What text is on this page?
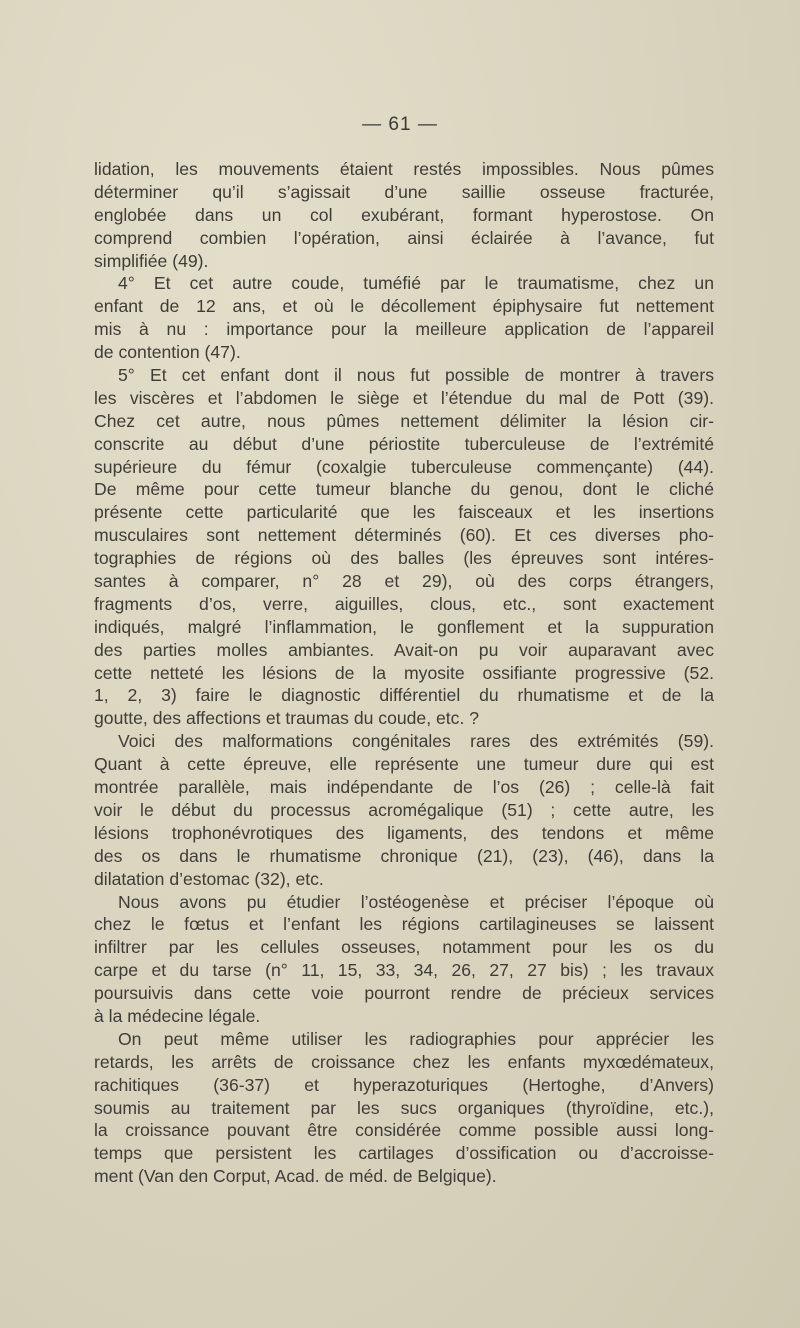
— 61 —
lidation, les mouvements étaient restés impossibles. Nous pûmes
déterminer qu’il s’agissait d’une saillie osseuse fracturée,
englobée dans un col exubérant, formant hyperostose. On
comprend combien l’opération, ainsi éclairée à l’avance, fut
simplifiée (49).
4° Et cet autre coude, tuméfié par le traumatisme, chez un
enfant de 12 ans, et où le décollement épiphysaire fut nettement
mis à nu : importance pour la meilleure application de l’appareil
de contention (47).
5° Et cet enfant dont il nous fut possible de montrer à travers
les viscères et l’abdomen le siège et l’étendue du mal de Pott (39).
Chez cet autre, nous pûmes nettement délimiter la lésion cir-
conscrite au début d’une périostite tuberculeuse de l’extrémité
supérieure du fémur (coxalgie tuberculeuse commençante) (44).
De même pour cette tumeur blanche du genou, dont le cliché
présente cette particularité que les faisceaux et les insertions
musculaires sont nettement déterminés (60). Et ces diverses pho-
tographies de régions où des balles (les épreuves sont intéres-
santes à comparer, n° 28 et 29), où des corps étrangers,
fragments d’os, verre, aiguilles, clous, etc., sont exactement
indiqués, malgré l’inflammation, le gonflement et la suppuration
des parties molles ambiantes. Avait-on pu voir auparavant avec
cette netteté les lésions de la myosite ossifiante progressive (52.
1, 2, 3) faire le diagnostic différentiel du rhumatisme et de la
goutte, des affections et traumas du coude, etc. ?
Voici des malformations congénitales rares des extrémités (59).
Quant à cette épreuve, elle représente une tumeur dure qui est
montrée parallèle, mais indépendante de l’os (26) ; celle-là fait
voir le début du processus acromégalique (51) ; cette autre, les
lésions trophonévrotiques des ligaments, des tendons et même
des os dans le rhumatisme chronique (21), (23), (46), dans la
dilatation d’estomac (32), etc.
Nous avons pu étudier l’ostéogenèse et préciser l’époque où
chez le fœtus et l’enfant les régions cartilagineuses se laissent
infiltrer par les cellules osseuses, notamment pour les os du
carpe et du tarse (n° 11, 15, 33, 34, 26, 27, 27 bis) ; les travaux
poursuivis dans cette voie pourront rendre de précieux services
à la médecine légale.
On peut même utiliser les radiographies pour apprécier les
retards, les arrêts de croissance chez les enfants myxœdémateux,
rachitiques (36-37) et hyperazoturiques (Hertoghe, d’Anvers)
soumis au traitement par les sucs organiques (thyroïdine, etc.),
la croissance pouvant être considérée comme possible aussi long-
temps que persistent les cartilages d’ossification ou d’accroisse-
ment (Van den Corput, Acad. de méd. de Belgique).
